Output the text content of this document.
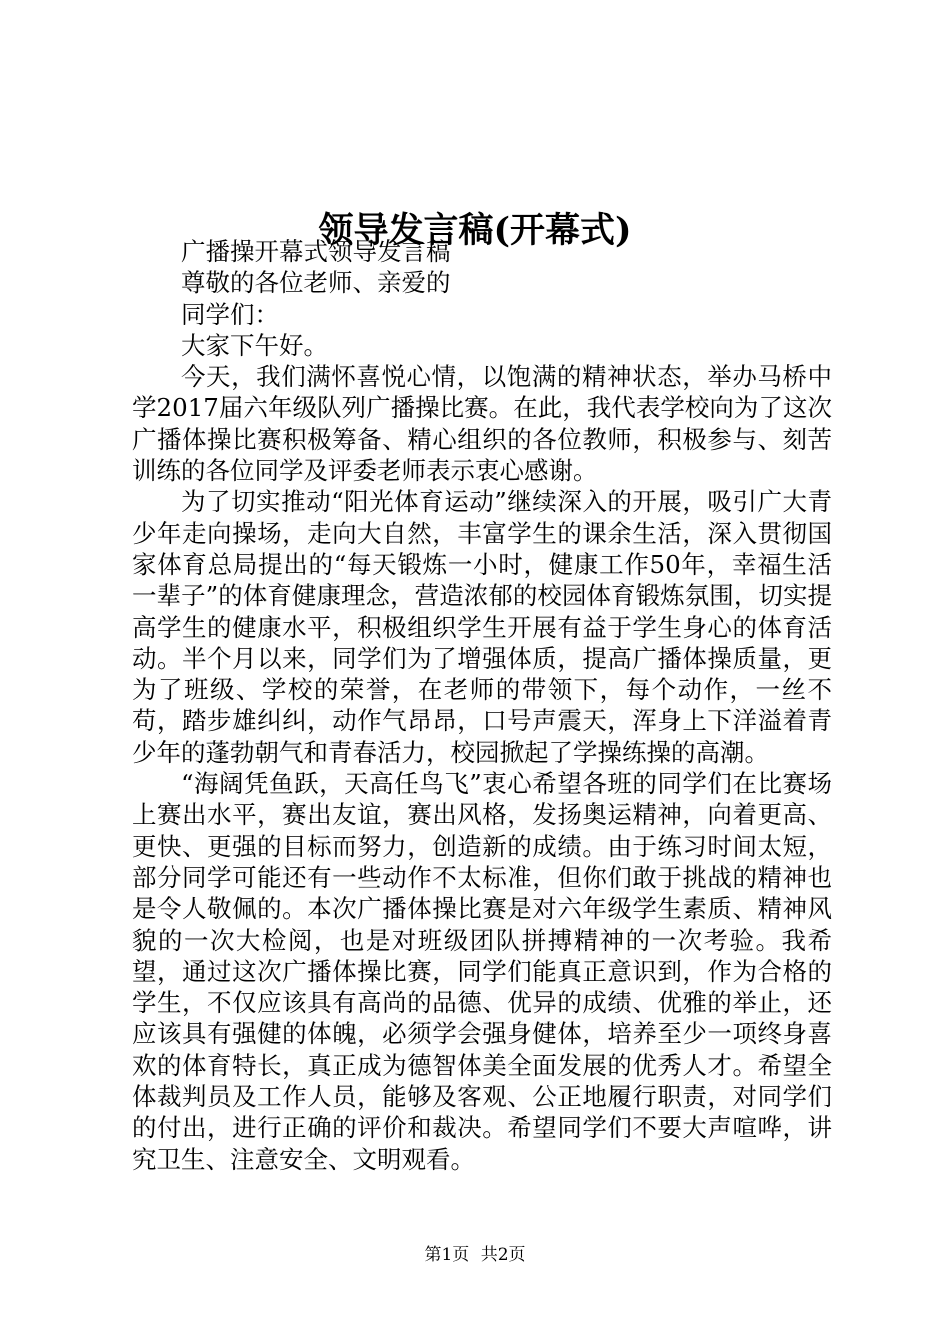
领导发言稿(开幕式)

广播操开幕式领导发言稿

尊敬的各位老师、亲爱的

同学们：

大家下午好。

今天，我们满怀喜悦心情，以饱满的精神状态，举办马桥中学2017届六年级队列广播操比赛。在此，我代表学校向为了这次广播体操比赛积极筹备、精心组织的各位教师，积极参与、刻苦训练的各位同学及评委老师表示衷心感谢。

为了切实推动“阳光体育运动”继续深入的开展，吸引广大青少年走向操场，走向大自然，丰富学生的课余生活，深入贯彻国家体育总局提出的“每天锻炼一小时，健康工作50年，幸福生活一辈子”的体育健康理念，营造浓郁的校园体育锻炼氛围，切实提高学生的健康水平，积极组织学生开展有益于学生身心的体育活动。半个月以来，同学们为了增强体质，提高广播体操质量，更为了班级、学校的荣誉，在老师的带领下，每个动作，一丝不苟，踏步雄纠纠，动作气昂昂，口号声震天，浑身上下洋溢着青少年的蓬勃朝气和青春活力，校园掀起了学操练操的高潮。

“海阔凭鱼跃，天高任鸟飞”衷心希望各班的同学们在比赛场上赛出水平，赛出友谊，赛出风格，发扬奥运精神，向着更高、更快、更强的目标而努力，创造新的成绩。由于练习时间太短，部分同学可能还有一些动作不太标准，但你们敢于挑战的精神也是令人敬佩的。本次广播体操比赛是对六年级学生素质、精神风貌的一次大检阅，也是对班级团队拼搏精神的一次考验。我希望，通过这次广播体操比赛，同学们能真正意识到，作为合格的学生，不仅应该具有高尚的品德、优异的成绩、优雅的举止，还应该具有强健的体魄，必须学会强身健体，培养至少一项终身喜欢的体育特长，真正成为德智体美全面发展的优秀人才。希望全体裁判员及工作人员，能够及客观、公正地履行职责，对同学们的付出，进行正确的评价和裁决。希望同学们不要大声喧哗，讲究卫生、注意安全、文明观看。

第1页 共2页
